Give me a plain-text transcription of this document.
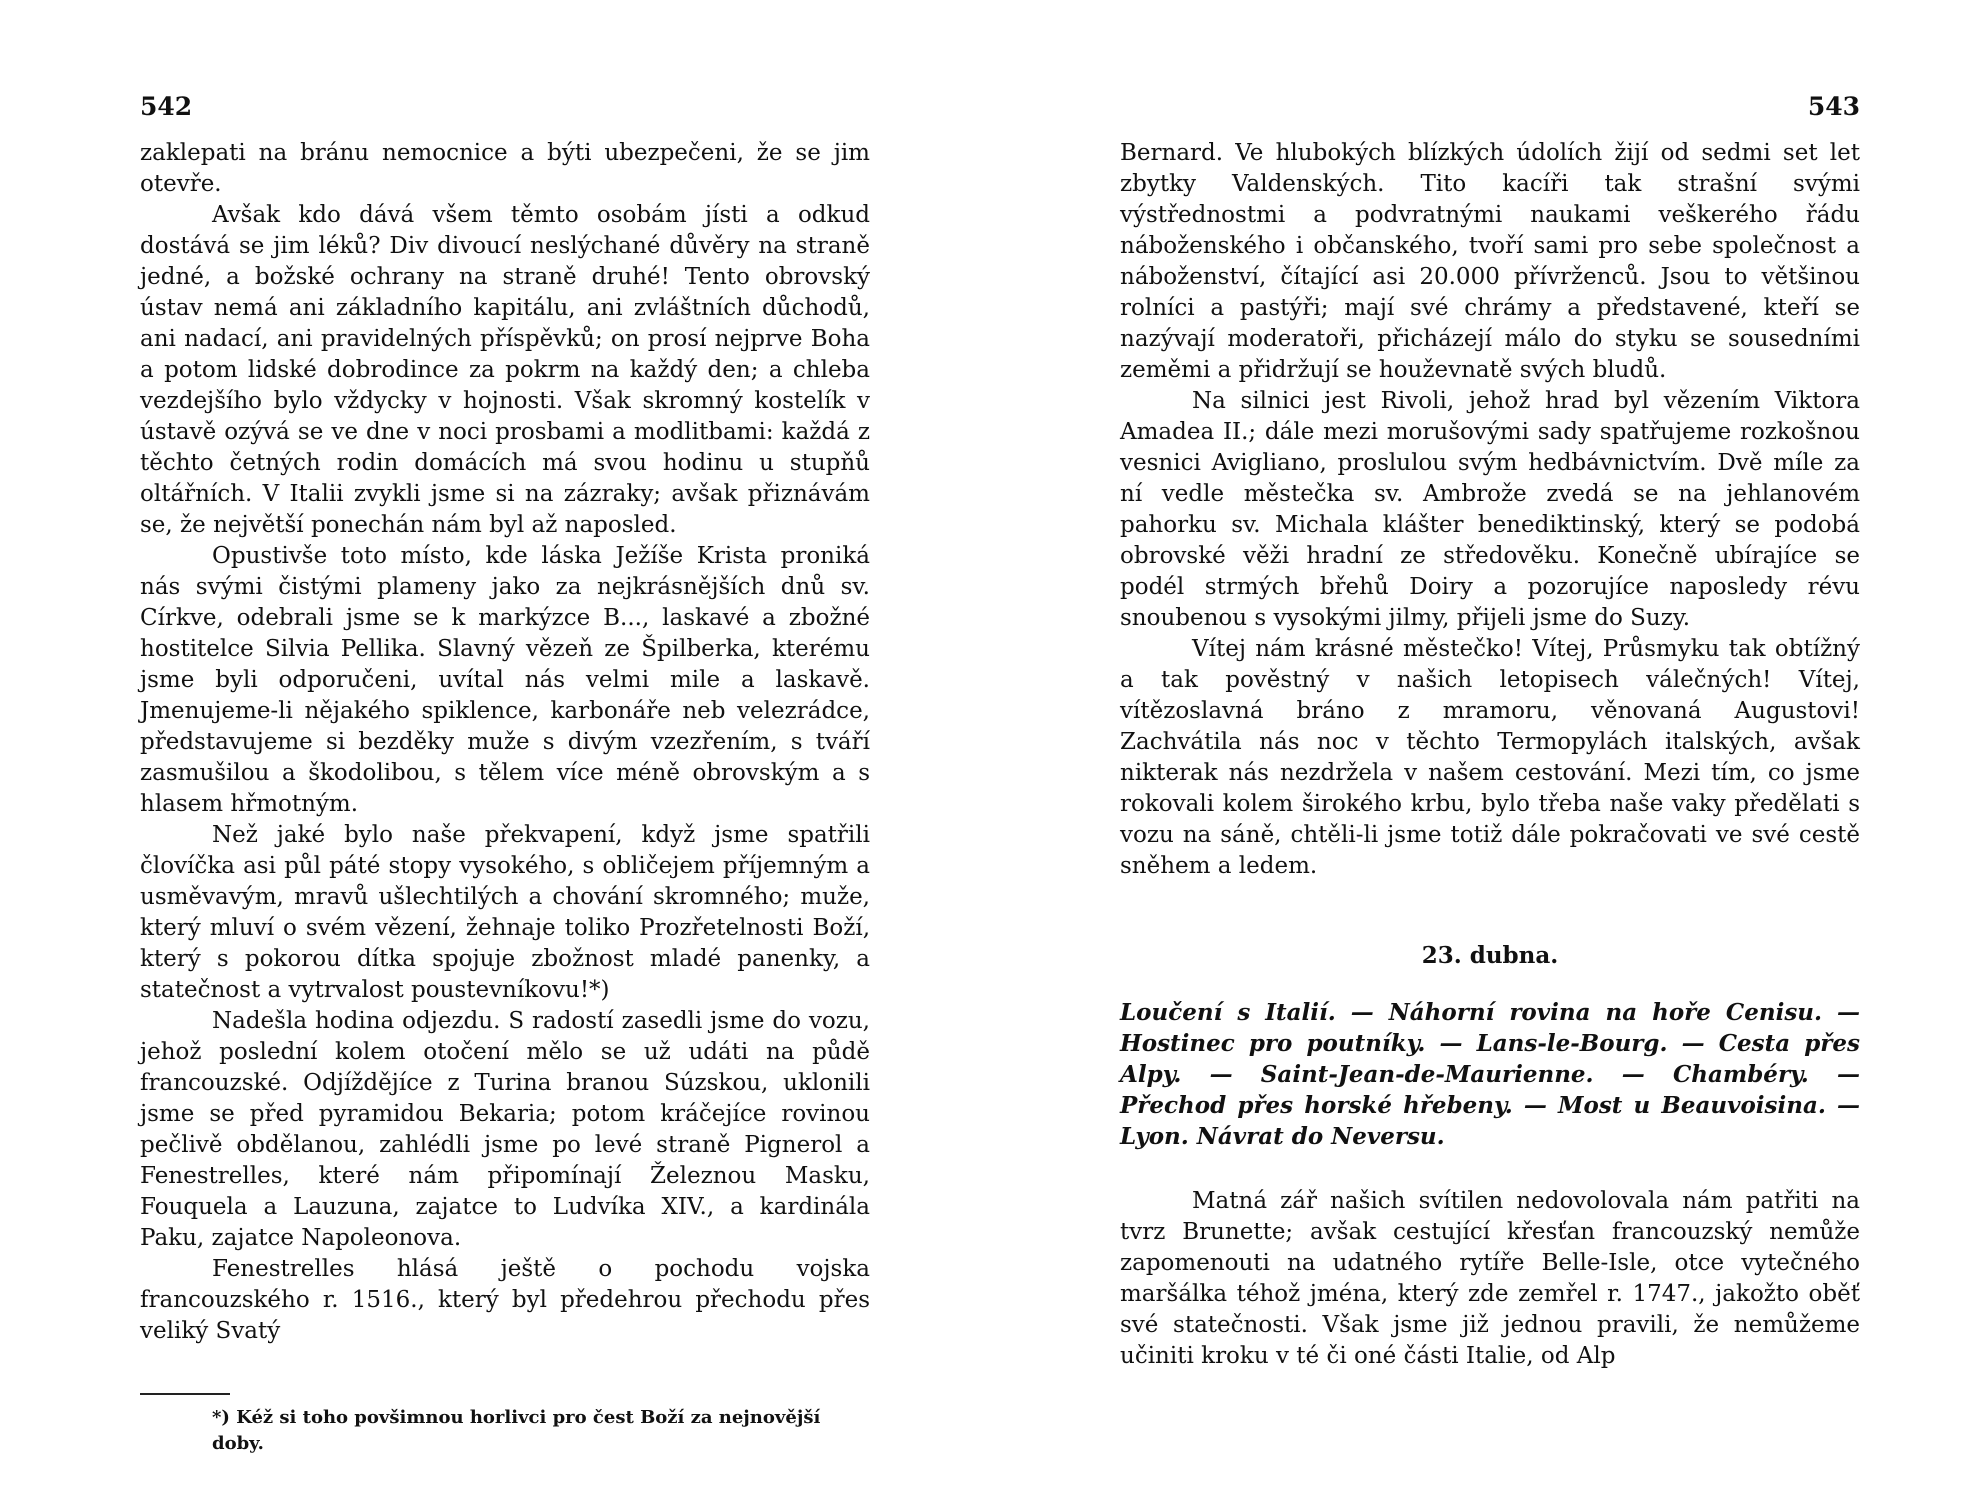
542

zaklepati na bránu nemocnice a býti ubezpečeni, že se jim otevře.

Avšak kdo dává všem těmto osobám jísti a odkud dostává se jim léků? Div divoucí neslýchané důvěry na straně jedné, a božské ochrany na straně druhé! Tento obrovský ústav nemá ani základního kapitálu, ani zvláštních důchodů, ani nadací, ani pravidelných příspěvků; on prosí nejprve Boha a potom lidské dobrodince za pokrm na každý den; a chleba vezdejšího bylo vždycky v hojnosti. Však skromný kostelík v ústavě ozývá se ve dne v noci prosbami a modlitbami: každá z těchto četných rodin domácích má svou hodinu u stupňů oltářních. V Italii zvykli jsme si na zázraky; avšak přiznávám se, že největší ponechán nám byl až naposled.

Opustivše toto místo, kde láska Ježíše Krista proniká nás svými čistými plameny jako za nejkrásnějších dnů sv. Církve, odebrali jsme se k markýzce B..., laskavé a zbožné hostitelce Silvia Pellika. Slavný vězeň ze Špilberka, kterému jsme byli odporučeni, uvítal nás velmi mile a laskavě. Jmenujeme-li nějakého spiklence, karbonáře neb velezrádce, představujeme si bezděky muže s divým vzezřením, s tváří zasmušilou a škodolibou, s tělem více méně obrovským a s hlasem hřmotným.

Než jaké bylo naše překvapení, když jsme spatřili človíčka asi půl páté stopy vysokého, s obličejem příjemným a usměvavým, mravů ušlechtilých a chování skromného; muže, který mluví o svém vězení, žehnaje toliko Prozřetelnosti Boží, který s pokorou dítka spojuje zbožnost mladé panenky, a statečnost a vytrvalost poustevníkovu!*)

Nadešla hodina odjezdu. S radostí zasedli jsme do vozu, jehož poslední kolem otočení mělo se už udáti na půdě francouzské. Odjíždějíce z Turina branou Súzskou, uklonili jsme se před pyramidou Bekaria; potom kráčejíce rovinou pečlivě obdělanou, zahlédli jsme po levé straně Pignerol a Fenestrelles, které nám připomínají Železnou Masku, Fouquela a Lauzuna, zajatce to Ludvíka XIV., a kardinála Paku, zajatce Napoleonova.

Fenestrelles hlásá ještě o pochodu vojska francouzského r. 1516., který byl předehrou přechodu přes veliký Svatý

*) Kéž si toho povšimnou horlivci pro čest Boží za nejnovější doby.
543

Bernard. Ve hlubokých blízkých údolích žijí od sedmi set let zbytky Valdenských. Tito kacíři tak strašní svými výstřednostmi a podvratnými naukami veškerého řádu náboženského i občanského, tvoří sami pro sebe společnost a náboženství, čítající asi 20.000 přívrženců. Jsou to většinou rolníci a pastýři; mají své chrámy a představené, kteří se nazývají moderatoři, přicházejí málo do styku se sousedními zeměmi a přidržují se houževnatě svých bludů.

Na silnici jest Rivoli, jehož hrad byl vězením Viktora Amadea II.; dále mezi morušovými sady spatřujeme rozkošnou vesnici Avigliano, proslulou svým hedbávnictvím. Dvě míle za ní vedle městečka sv. Ambrože zvedá se na jehlanovém pahorku sv. Michala klášter benediktinský, který se podobá obrovské věži hradní ze středověku. Konečně ubírajíce se podél strmých břehů Doiry a pozorujíce naposledy révu snoubenou s vysokými jilmy, přijeli jsme do Suzy.

Vítej nám krásné městečko! Vítej, Průsmyku tak obtížný a tak pověstný v našich letopisech válečných! Vítej, vítězoslavná bráno z mramoru, věnovaná Augustovi! Zachvátila nás noc v těchto Termopylách italských, avšak nikterak nás nezdržela v našem cestování. Mezi tím, co jsme rokovali kolem širokého krbu, bylo třeba naše vaky předělati s vozu na sáně, chtěli-li jsme totiž dále pokračovati ve své cestě sněhem a ledem.

23. dubna.

Loučení s Italií. — Náhorní rovina na hoře Cenisu. — Hostinec pro poutníky. — Lans-le-Bourg. — Cesta přes Alpy. — Saint-Jean-de-Maurienne. — Chambéry. — Přechod přes horské hřebeny. — Most u Beauvoisina. — Lyon. Návrat do Neversu.

Matná zář našich svítilen nedovolovala nám patřiti na tvrz Brunette; avšak cestující křesťan francouzský nemůže zapomenouti na udatného rytíře Belle-Isle, otce vytečného maršálka téhož jména, který zde zemřel r. 1747., jakožto oběť své statečnosti. Však jsme již jednou pravili, že nemůžeme učiniti kroku v té či oné části Italie, od Alp
